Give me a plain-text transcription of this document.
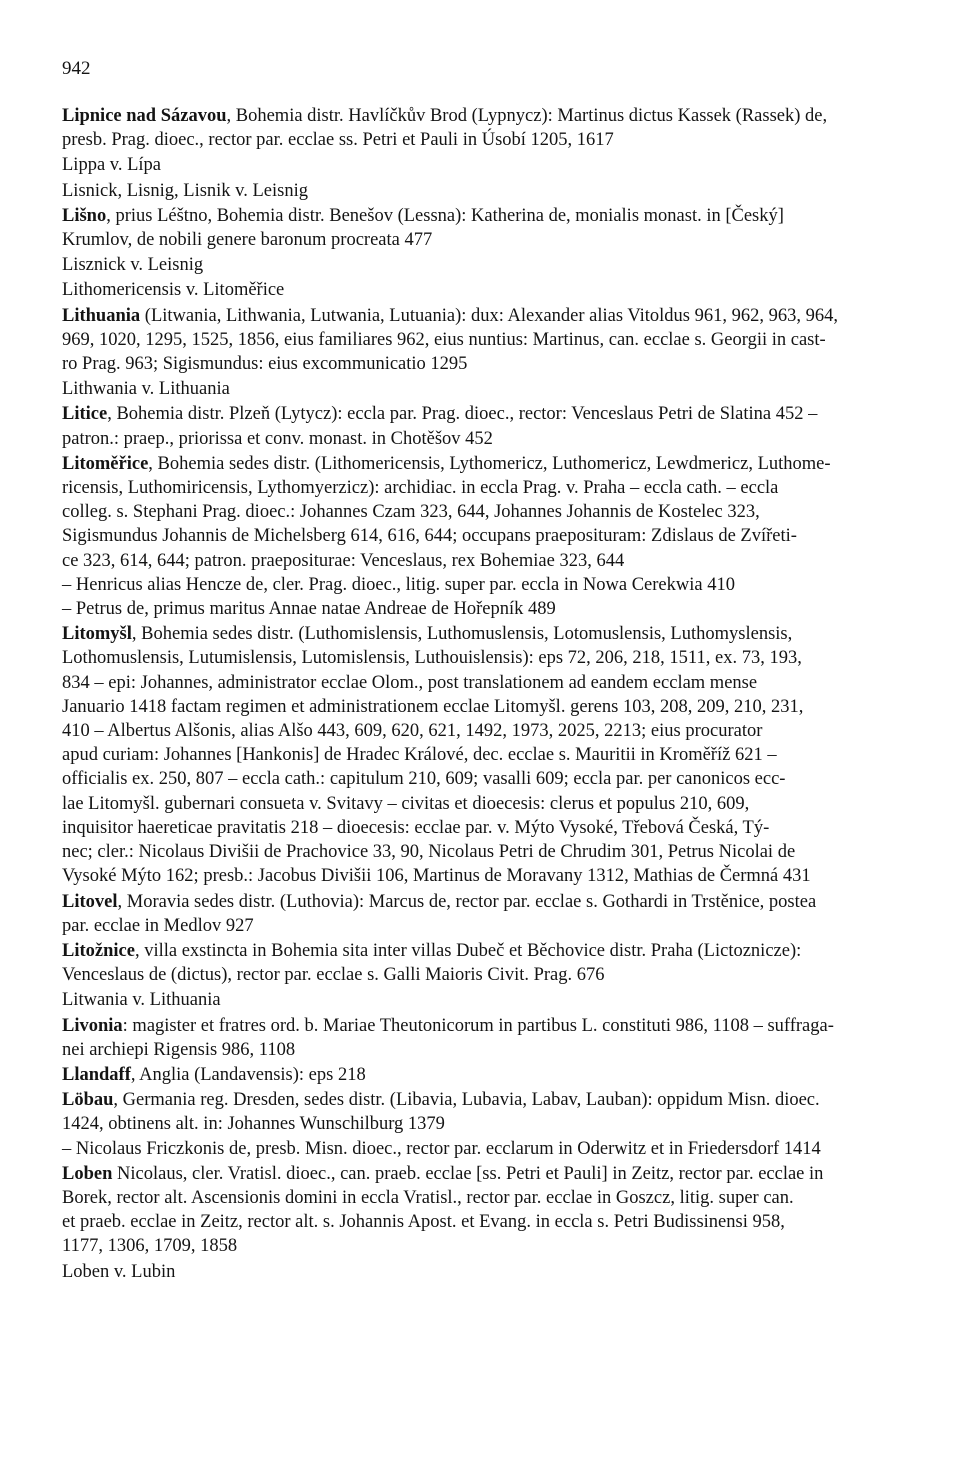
942
Lipnice nad Sázavou, Bohemia distr. Havlíčkův Brod (Lypnycz): Martinus dictus Kassek (Rassek) de,
presb. Prag. dioec., rector par. ecclae ss. Petri et Pauli in Úsobí 1205, 1617
Lippa v. Lípa
Lisnick, Lisnig, Lisnik v. Leisnig
Lišno, prius Léštno, Bohemia distr. Benešov (Lessna): Katherina de, monialis monast. in [Český]
Krumlov, de nobili genere baronum procreata 477
Lisznick v. Leisnig
Lithomericensis v. Litoměřice
Lithuania (Litwania, Lithwania, Lutwania, Lutuania): dux: Alexander alias Vitoldus 961, 962, 963, 964,
969, 1020, 1295, 1525, 1856, eius familiares 962, eius nuntius: Martinus, can. ecclae s. Georgii in cast-
ro Prag. 963; Sigismundus: eius excommunicatio 1295
Lithwania v. Lithuania
Litice, Bohemia distr. Plzeň (Lytycz): eccla par. Prag. dioec., rector: Venceslaus Petri de Slatina 452 –
patron.: praep., priorissa et conv. monast. in Chotěšov 452
Litoměřice, Bohemia sedes distr. (Lithomericensis, Lythomericz, Luthomericz, Lewdmericz, Luthome-
ricensis, Luthomiricensis, Lythomyerzicz): archidiac. in eccla Prag. v. Praha – eccla cath. – eccla
colleg. s. Stephani Prag. dioec.: Johannes Czam 323, 644, Johannes Johannis de Kostelec 323,
Sigismundus Johannis de Michelsberg 614, 616, 644; occupans praeposituram: Zdislaus de Zvířeti-
ce 323, 614, 644; patron. praepositurae: Venceslaus, rex Bohemiae 323, 644
– Henricus alias Hencze de, cler. Prag. dioec., litig. super par. eccla in Nowa Cerekwia 410
– Petrus de, primus maritus Annae natae Andreae de Hořepník 489
Litomyšl, Bohemia sedes distr. (Luthomislensis, Luthomuslensis, Lotomuslensis, Luthomyslensis,
Lothomuslensis, Lutumislensis, Lutomislensis, Luthouislensis): eps 72, 206, 218, 1511, ex. 73, 193,
834 – epi: Johannes, administrator ecclae Olom., post translationem ad eandem ecclam mense
Januario 1418 factam regimen et administrationem ecclae Litomyšl. gerens 103, 208, 209, 210, 231,
410 – Albertus Alšonis, alias Alšo 443, 609, 620, 621, 1492, 1973, 2025, 2213; eius procurator
apud curiam: Johannes [Hankonis] de Hradec Králové, dec. ecclae s. Mauritii in Kroměříž 621 –
officialis ex. 250, 807 – eccla cath.: capitulum 210, 609; vasalli 609; eccla par. per canonicos ecc-
lae Litomyšl. gubernari consueta v. Svitavy – civitas et dioecesis: clerus et populus 210, 609,
inquisitor haereticae pravitatis 218 – dioecesis: ecclae par. v. Mýto Vysoké, Třebová Česká, Tý-
nec; cler.: Nicolaus Divišii de Prachovice 33, 90, Nicolaus Petri de Chrudim 301, Petrus Nicolai de
Vysoké Mýto 162; presb.: Jacobus Divišii 106, Martinus de Moravany 1312, Mathias de Čermná 431
Litovel, Moravia sedes distr. (Luthovia): Marcus de, rector par. ecclae s. Gothardi in Trstěnice, postea
par. ecclae in Medlov 927
Litožnice, villa exstincta in Bohemia sita inter villas Dubeč et Běchovice distr. Praha (Lictoznicze):
Venceslaus de (dictus), rector par. ecclae s. Galli Maioris Civit. Prag. 676
Litwania v. Lithuania
Livonia: magister et fratres ord. b. Mariae Theutonicorum in partibus L. constituti 986, 1108 – suffraga-
nei archiepi Rigensis 986, 1108
Llandaff, Anglia (Landavensis): eps 218
Löbau, Germania reg. Dresden, sedes distr. (Libavia, Lubavia, Labav, Lauban): oppidum Misn. dioec.
1424, obtinens alt. in: Johannes Wunschilburg 1379
– Nicolaus Friczkonis de, presb. Misn. dioec., rector par. ecclarum in Oderwitz et in Friedersdorf 1414
Loben Nicolaus, cler. Vratisl. dioec., can. praeb. ecclae [ss. Petri et Pauli] in Zeitz, rector par. ecclae in
Borek, rector alt. Ascensionis domini in eccla Vratisl., rector par. ecclae in Goszcz, litig. super can.
et praeb. ecclae in Zeitz, rector alt. s. Johannis Apost. et Evang. in eccla s. Petri Budissinensi 958,
1177, 1306, 1709, 1858
Loben v. Lubin
